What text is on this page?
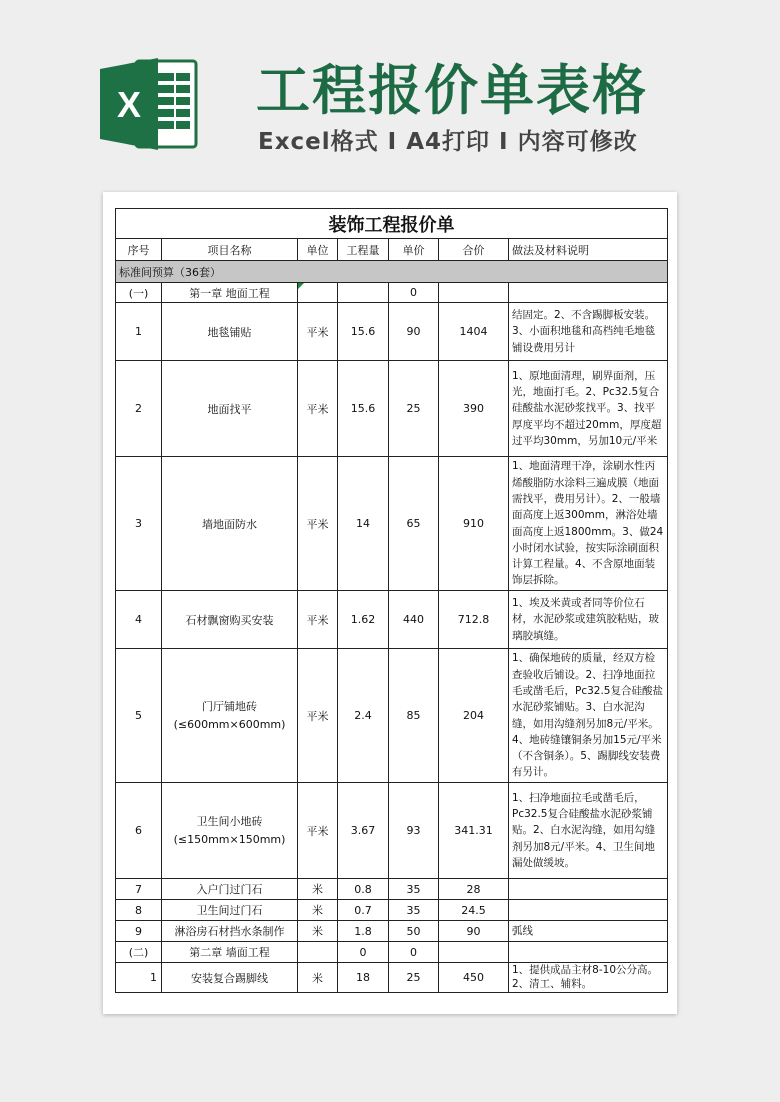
X 工程报价单表格
Excel格式 I A4打印 I 内容可修改
装饰工程报价单						
序号	项目名称	单位	工程量	单价	合价	做法及材料说明
标准间预算（36套）						
(一)	第一章 地面工程			0		
1	地毯铺贴	平米	15.6	90	1404	结固定。2、不含踢脚板安装。3、小面积地毯和高档纯毛地毯铺设费用另计
2	地面找平	平米	15.6	25	390	1、原地面清理，刷界面剂，压光，地面打毛。2、Pc32.5复合硅酸盐水泥砂浆找平。3、找平厚度平均不超过20mm，厚度超过平均30mm，另加10元/平米
3	墙地面防水	平米	14	65	910	1、地面清理干净，涂刷水性丙烯酸脂防水涂料三遍成膜（地面需找平，费用另计）。2、一般墙面高度上返300mm，淋浴处墙面高度上返1800mm。3、做24小时闭水试验，按实际涂刷面积计算工程量。4、不含原地面装饰层拆除。
4	石材飘窗购买安装	平米	1.62	440	712.8	1、埃及米黄或者同等价位石材，水泥砂浆或建筑胶粘贴，玻璃胶填缝。
5	门厅铺地砖(≤600mm×600mm)	平米	2.4	85	204	1、确保地砖的质量，经双方检查验收后铺设。2、扫净地面拉毛或凿毛后，Pc32.5复合硅酸盐水泥砂浆铺贴。3、白水泥沟缝，如用沟缝剂另加8元/平米。4、地砖缝镶铜条另加15元/平米（不含铜条）。5、踢脚线安装费有另计。
6	卫生间小地砖(≤150mm×150mm)	平米	3.67	93	341.31	1、扫净地面拉毛或凿毛后，Pc32.5复合硅酸盐水泥砂浆铺贴。2、白水泥沟缝，如用勾缝剂另加8元/平米。4、卫生间地漏处做缓坡。
7	入户门过门石	米	0.8	35	28	
8	卫生间过门石	米	0.7	35	24.5	
9	淋浴房石材挡水条制作	米	1.8	50	90	弧线
(二)	第二章 墙面工程		0	0		
1	安装复合踢脚线	米	18	25	450	1、提供成品主材8-10公分高。2、清工、辅料。
